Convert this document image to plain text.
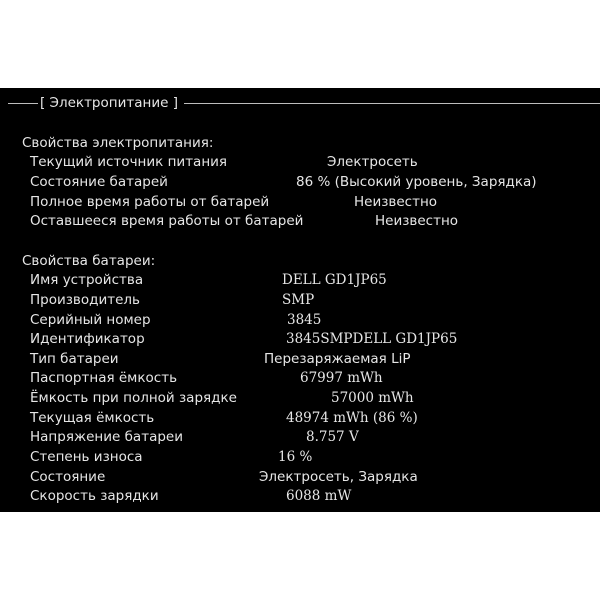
[ Электропитание ]
Свойства электропитания:
Текущий источник питания	Электросеть
Состояние батарей	86 % (Высокий уровень, Зарядка)
Полное время работы от батарей	Неизвестно
Оставшееся время работы от батарей	Неизвестно
Свойства батареи:
Имя устройства	DELL GD1JP65
Производитель	SMP
Серийный номер	3845
Идентификатор	3845SMPDELL GD1JP65
Тип батареи	Перезаряжаемая LiP
Паспортная ёмкость	67997 mWh
Ёмкость при полной зарядке	57000 mWh
Текущая ёмкость	48974 mWh (86 %)
Напряжение батареи	8.757 V
Степень износа	16 %
Состояние	Электросеть, Зарядка
Скорость зарядки	6088 mW
